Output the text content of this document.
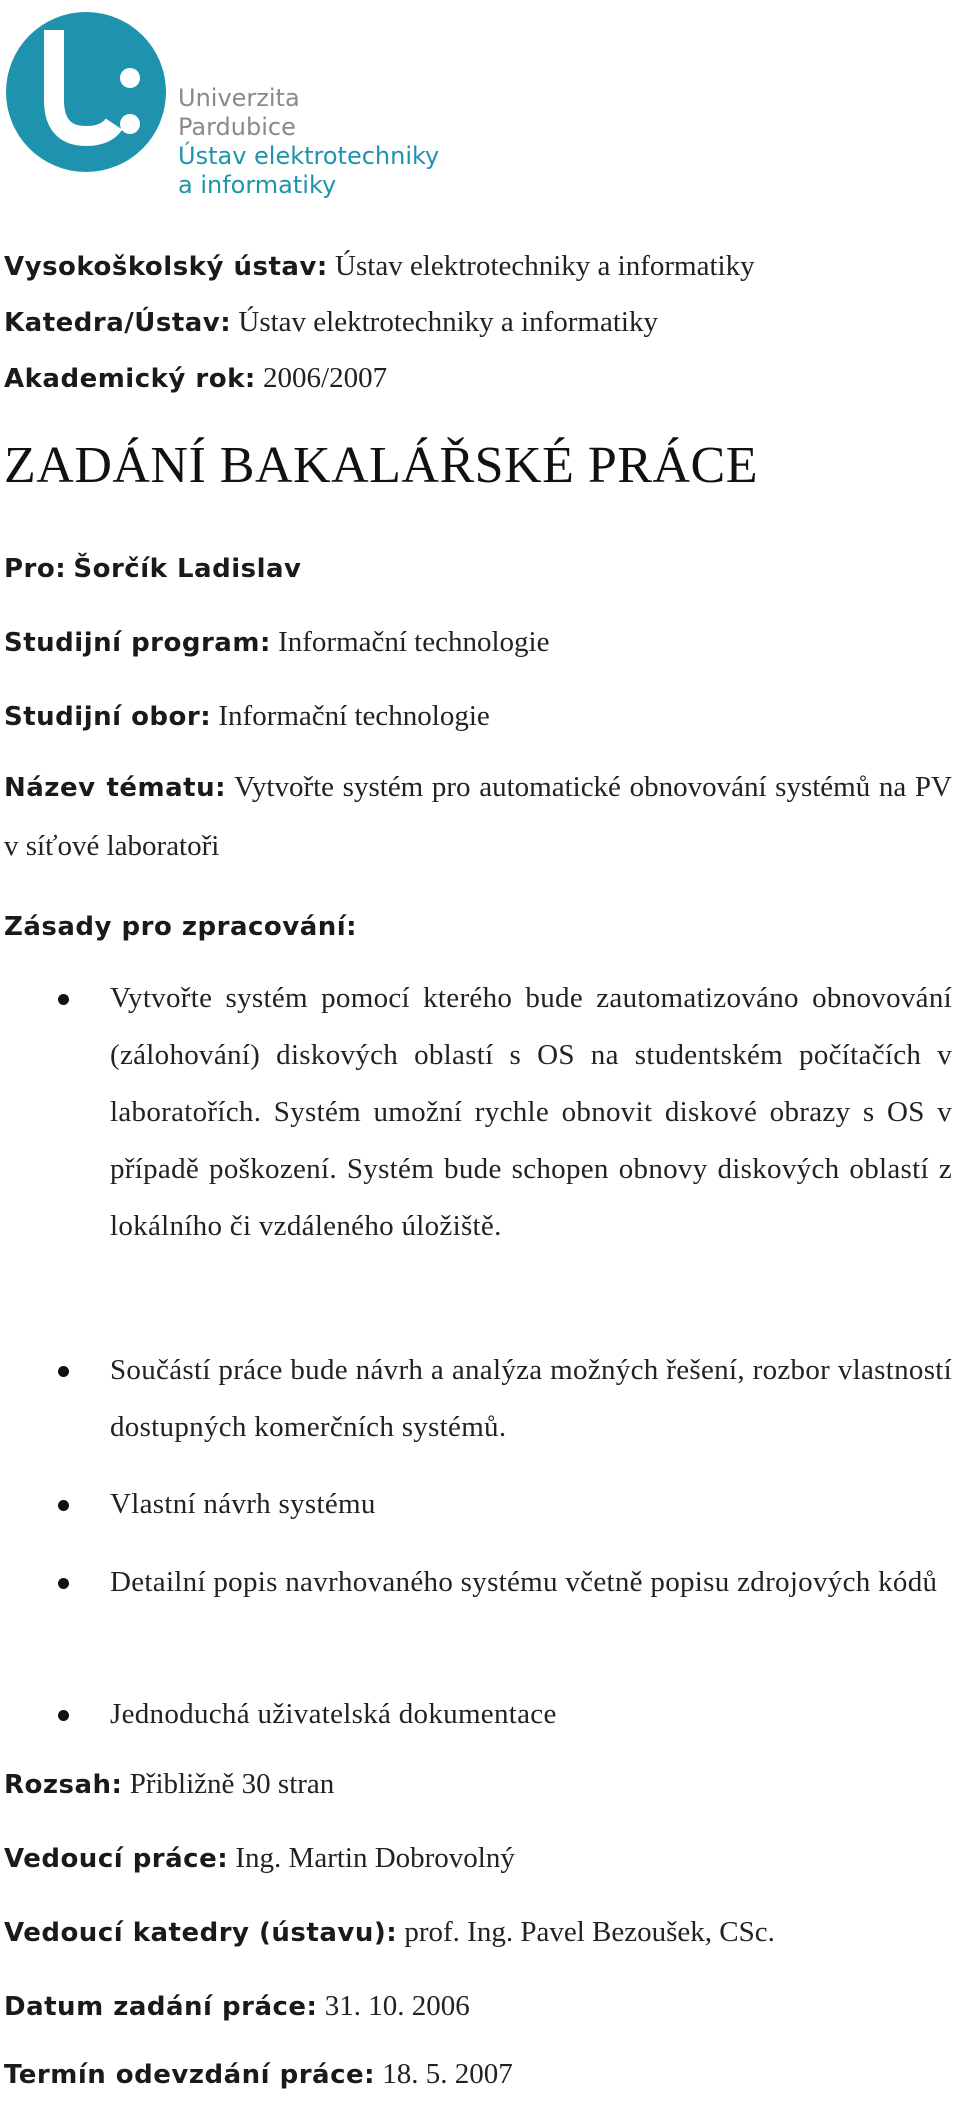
Univerzita
Pardubice
Ústav elektrotechniky
a informatiky
Vysokoškolský ústav: Ústav elektrotechniky a informatiky
Katedra/Ústav: Ústav elektrotechniky a informatiky
Akademický rok: 2006/2007
ZADÁNÍ BAKALÁŘSKÉ PRÁCE
Pro: Šorčík Ladislav
Studijní program: Informační technologie
Studijní obor: Informační technologie
Název tématu: Vytvořte systém pro automatické obnovování systémů na PV v síťové laboratoři
Zásady pro zpracování:
Vytvořte systém pomocí kterého bude zautomatizováno obnovování (zálohování) diskových oblastí s OS na studentském počítačích v laboratořích. Systém umožní rychle obnovit diskové obrazy s OS v případě poškození. Systém bude schopen obnovy diskových oblastí z lokálního či vzdáleného úložiště.
Součástí práce bude návrh a analýza možných řešení, rozbor vlastností dostupných komerčních systémů.
Vlastní návrh systému
Detailní popis navrhovaného systému včetně popisu zdrojových kódů
Jednoduchá uživatelská dokumentace
Rozsah: Přibližně 30 stran
Vedoucí práce: Ing. Martin Dobrovolný
Vedoucí katedry (ústavu): prof. Ing. Pavel Bezoušek, CSc.
Datum zadání práce: 31. 10. 2006
Termín odevzdání práce: 18. 5. 2007
